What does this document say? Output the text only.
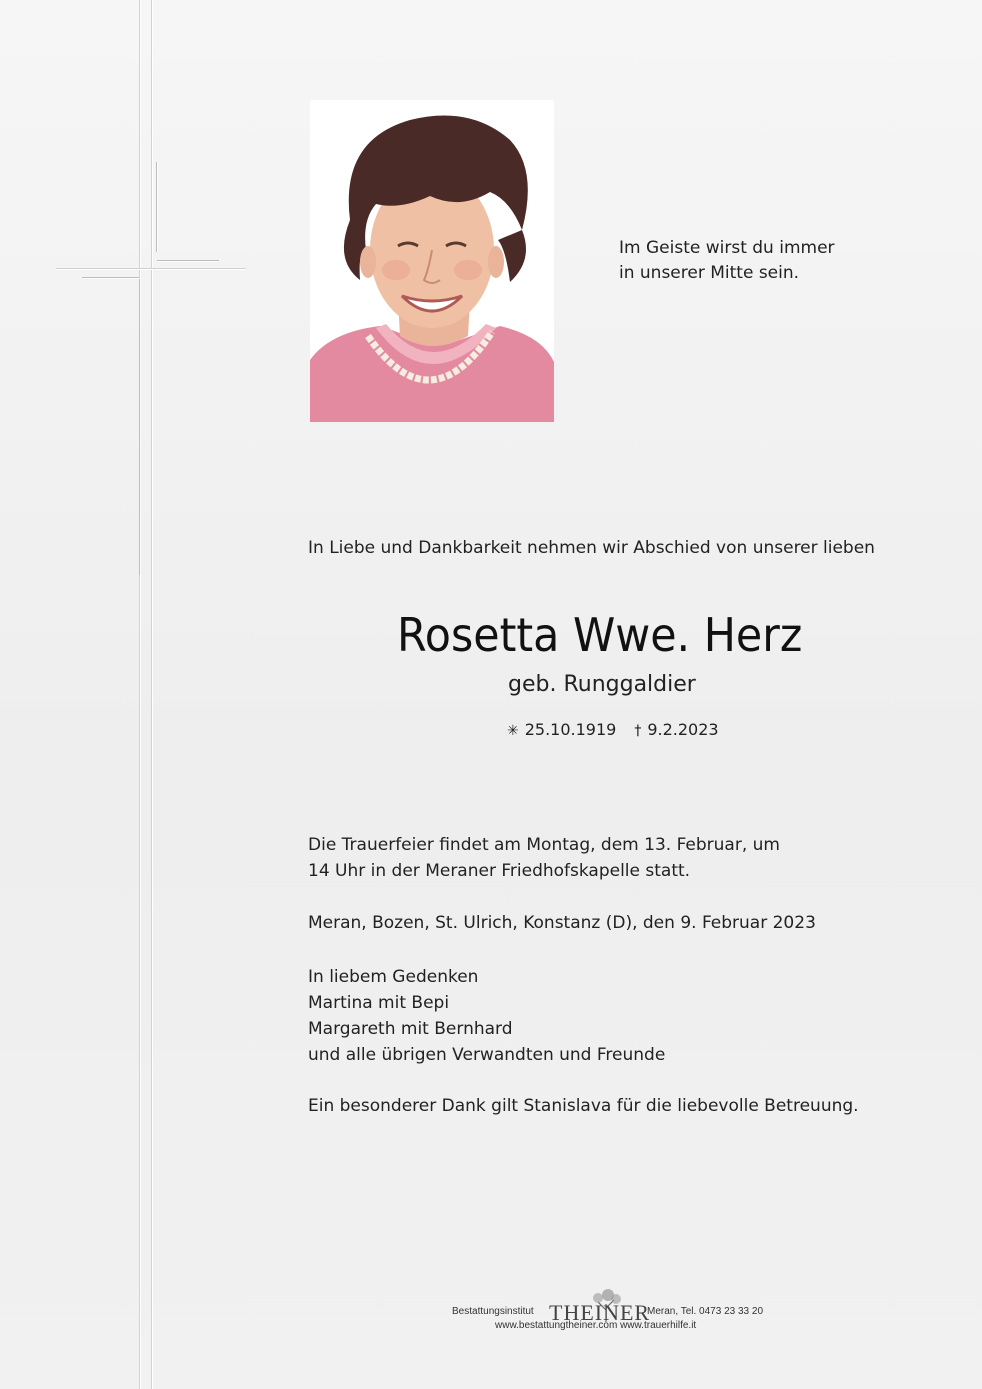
Im Geiste wirst du immer
in unserer Mitte sein.

In Liebe und Dankbarkeit nehmen wir Abschied von unserer lieben

Rosetta Wwe. Herz

geb. Runggaldier

✳ 25.10.1919 † 9.2.2023

Die Trauerfeier findet am Montag, dem 13. Februar, um
14 Uhr in der Meraner Friedhofskapelle statt.

Meran, Bozen, St. Ulrich, Konstanz (D), den 9. Februar 2023

In liebem Gedenken
Martina mit Bepi
Margareth mit Bernhard
und alle übrigen Verwandten und Freunde

Ein besonderer Dank gilt Stanislava für die liebevolle Betreuung.

Bestattungsinstitut THEINER
Meran, Tel. 0473 23 33 20
www.bestattungtheiner.com www.trauerhilfe.it
